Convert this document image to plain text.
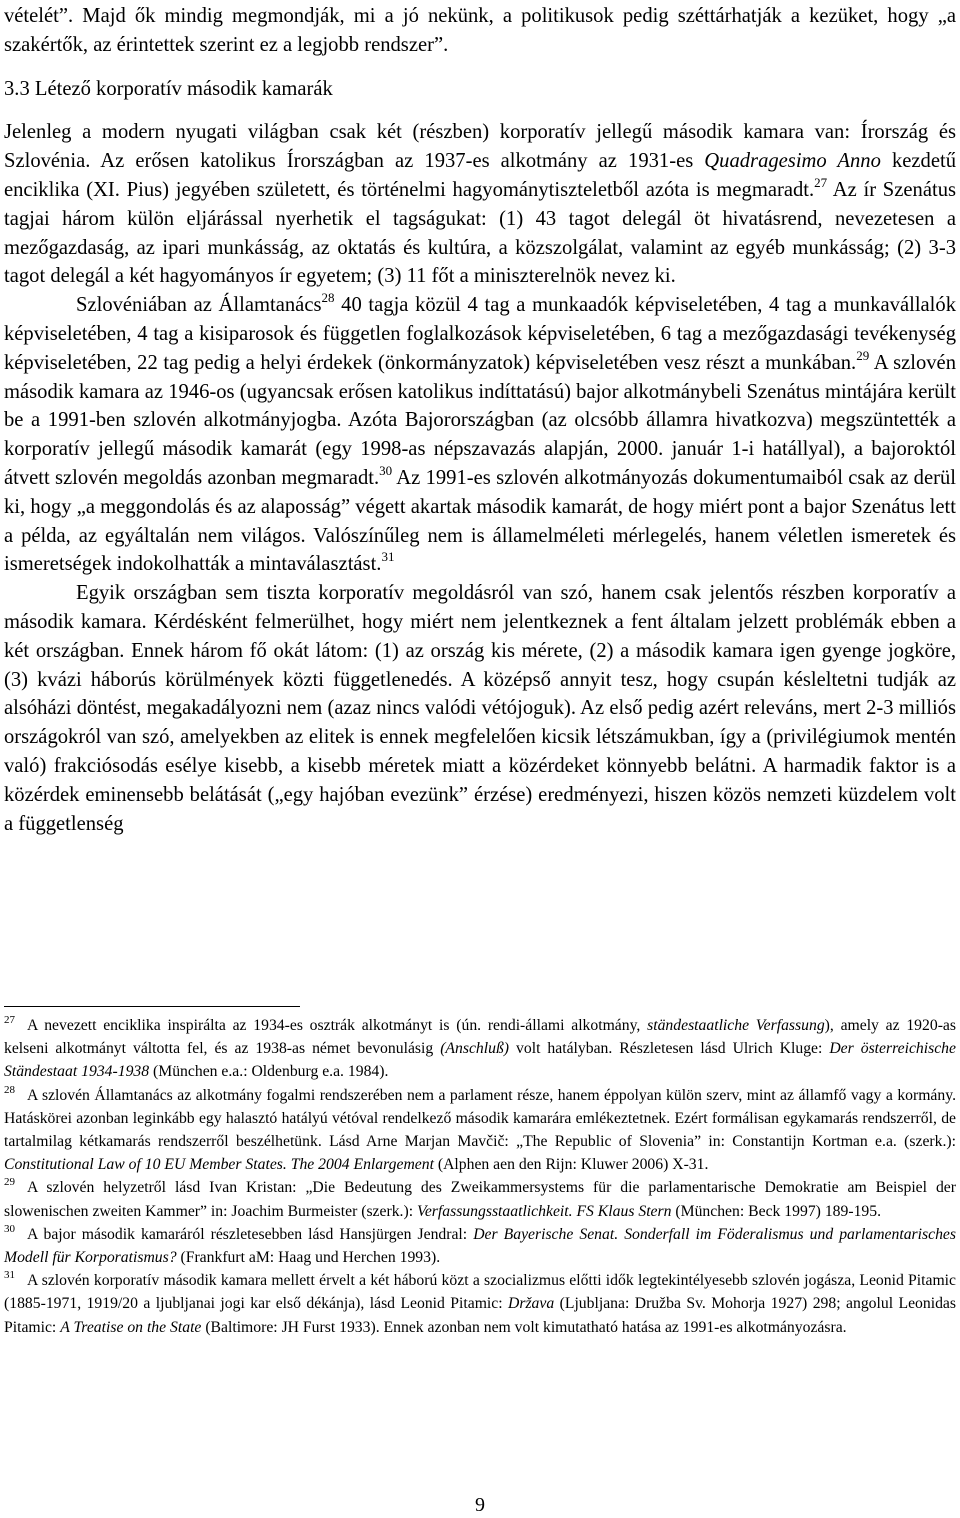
vételét”. Majd ők mindig megmondják, mi a jó nekünk, a politikusok pedig széttárhatják a kezüket, hogy „a szakértők, az érintettek szerint ez a legjobb rendszer”.

3.3 Létező korporatív második kamarák

Jelenleg a modern nyugati világban csak két (részben) korporatív jellegű második kamara van: Írország és Szlovénia. Az erősen katolikus Írországban az 1937-es alkotmány az 1931-es Quadragesimo Anno kezdetű enciklika (XI. Pius) jegyében született, és történelmi hagyománytiszteletből azóta is megmaradt.$^{27}$ Az ír Szenátus tagjai három külön eljárással nyerhetik el tagságukat: (1) 43 tagot delegál öt hivatásrend, nevezetesen a mezőgazdaság, az ipari munkásság, az oktatás és kultúra, a közszolgálat, valamint az egyéb munkásság; (2) 3-3 tagot delegál a két hagyományos ír egyetem; (3) 11 főt a miniszterelnök nevez ki.

Szlovéniában az Államtanács$^{28}$ 40 tagja közül 4 tag a munkaadók képviseletében, 4 tag a munkavállalók képviseletében, 4 tag a kisiparosok és független foglalkozások képviseletében, 6 tag a mezőgazdasági tevékenység képviseletében, 22 tag pedig a helyi érdekek (önkormányzatok) képviseletében vesz részt a munkában.$^{29}$ A szlovén második kamara az 1946-os (ugyancsak erősen katolikus indíttatású) bajor alkotmánybeli Szenátus mintájára került be a 1991-ben szlovén alkotmányjogba. Azóta Bajorországban (az olcsóbb államra hivatkozva) megszüntették a korporatív jellegű második kamarát (egy 1998-as népszavazás alapján, 2000. január 1-i hatállyal), a bajoroktól átvett szlovén megoldás azonban megmaradt.$^{30}$ Az 1991-es szlovén alkotmányozás dokumentumaiból csak az derül ki, hogy „a meggondolás és az alaposság” végett akartak második kamarát, de hogy miért pont a bajor Szenátus lett a példa, az egyáltalán nem világos. Valószínűleg nem is államelméleti mérlegelés, hanem véletlen ismeretek és ismeretségek indokolhatták a mintaválasztást.$^{31}$

Egyik országban sem tiszta korporatív megoldásról van szó, hanem csak jelentős részben korporatív a második kamara. Kérdésként felmerülhet, hogy miért nem jelentkeznek a fent általam jelzett problémák ebben a két országban. Ennek három fő okát látom: (1) az ország kis mérete, (2) a második kamara igen gyenge jogköre, (3) kvázi háborús körülmények közti függetlenedés. A középső annyit tesz, hogy csupán késleltetni tudják az alsóházi döntést, megakadályozni nem (azaz nincs valódi vétójoguk). Az első pedig azért releváns, mert 2-3 milliós országokról van szó, amelyekben az elitek is ennek megfelelően kicsik létszámukban, így a (privilégiumok mentén való) frakciósodás esélye kisebb, a kisebb méretek miatt a közérdeket könnyebb belátni. A harmadik faktor is a közérdek eminensebb belátását („egy hajóban evezünk” érzése) eredményezi, hiszen közös nemzeti küzdelem volt a függetlenség

$^{27}$ A nevezett enciklika inspirálta az 1934-es osztrák alkotmányt is (ún. rendi-állami alkotmány, ständestaatliche Verfassung), amely az 1920-as kelseni alkotmányt váltotta fel, és az 1938-as német bevonulásig (Anschluß) volt hatályban. Részletesen lásd Ulrich Kluge: Der österreichische Ständestaat 1934-1938 (München e.a.: Oldenburg e.a. 1984).

$^{28}$ A szlovén Államtanács az alkotmány fogalmi rendszerében nem a parlament része, hanem éppolyan külön szerv, mint az államfő vagy a kormány. Hatáskörei azonban leginkább egy halasztó hatályú vétóval rendelkező második kamarára emlékeztetnek. Ezért formálisan egykamarás rendszerről, de tartalmilag kétkamarás rendszerről beszélhetünk. Lásd Arne Marjan Mavčič: „The Republic of Slovenia” in: Constantijn Kortman e.a. (szerk.): Constitutional Law of 10 EU Member States. The 2004 Enlargement (Alphen aen den Rijn: Kluwer 2006) X-31.

$^{29}$ A szlovén helyzetről lásd Ivan Kristan: „Die Bedeutung des Zweikammersystems für die parlamentarische Demokratie am Beispiel der slowenischen zweiten Kammer” in: Joachim Burmeister (szerk.): Verfassungsstaatlichkeit. FS Klaus Stern (München: Beck 1997) 189-195.

$^{30}$ A bajor második kamaráról részletesebben lásd Hansjürgen Jendral: Der Bayerische Senat. Sonderfall im Föderalismus und parlamentarisches Modell für Korporatismus? (Frankfurt aM: Haag und Herchen 1993).

$^{31}$ A szlovén korporatív második kamara mellett érvelt a két háború közt a szocializmus előtti idők legtekintélyesebb szlovén jogásza, Leonid Pitamic (1885-1971, 1919/20 a ljubljanai jogi kar első dékánja), lásd Leonid Pitamic: Država (Ljubljana: Družba Sv. Mohorja 1927) 298; angolul Leonidas Pitamic: A Treatise on the State (Baltimore: JH Furst 1933). Ennek azonban nem volt kimutatható hatása az 1991-es alkotmányozásra.

9
